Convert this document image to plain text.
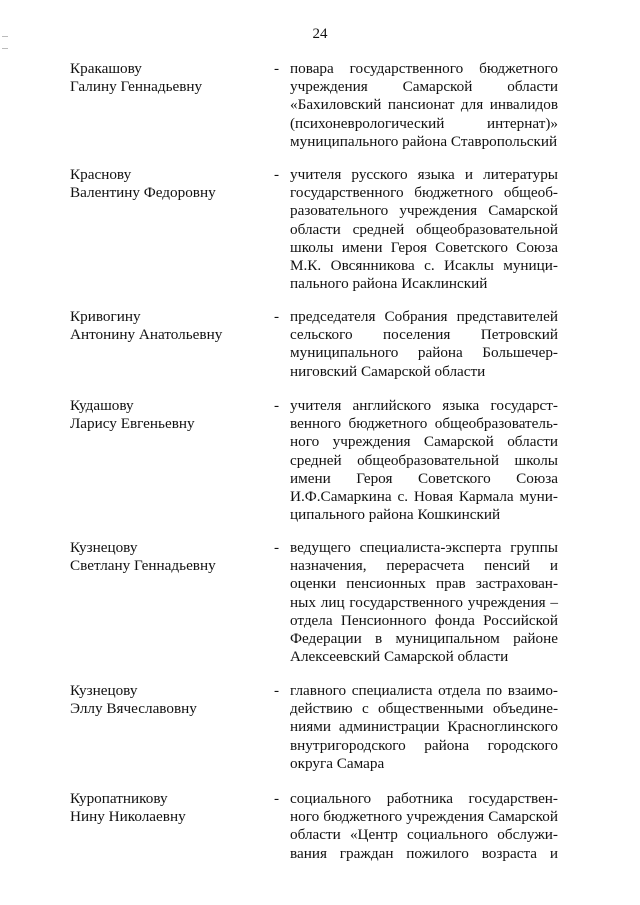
24
Кракашову
Галину Геннадьевну
- повара государственного бюджетного
учреждения Самарской области
«Бахиловский пансионат для инвалидов
(психоневрологический интернат)»
муниципального района Ставропольский
Краснову
Валентину Федоровну
- учителя русского языка и литературы
государственного бюджетного общеоб-
разовательного учреждения Самарской
области средней общеобразовательной
школы имени Героя Советского Союза
М.К. Овсянникова с. Исаклы муници-
пального района Исаклинский
Кривогину
Антонину Анатольевну
- председателя Собрания представителей
сельского поселения Петровский
муниципального района Большечер-
ниговский Самарской области
Кудашову
Ларису Евгеньевну
- учителя английского языка государст-
венного бюджетного общеобразователь-
ного учреждения Самарской области
средней общеобразовательной школы
имени Героя Советского Союза
И.Ф.Самаркина с. Новая Кармала муни-
ципального района Кошкинский
Кузнецову
Светлану Геннадьевну
- ведущего специалиста-эксперта группы
назначения, перерасчета пенсий и
оценки пенсионных прав застрахован-
ных лиц государственного учреждения –
отдела Пенсионного фонда Российской
Федерации в муниципальном районе
Алексеевский Самарской области
Кузнецову
Эллу Вячеславовну
- главного специалиста отдела по взаимо-
действию с общественными объедине-
ниями администрации Красноглинского
внутригородского района городского
округа Самара
Куропатникову
Нину Николаевну
- социального работника государствен-
ного бюджетного учреждения Самарской
области «Центр социального обслужи-
вания граждан пожилого возраста и
